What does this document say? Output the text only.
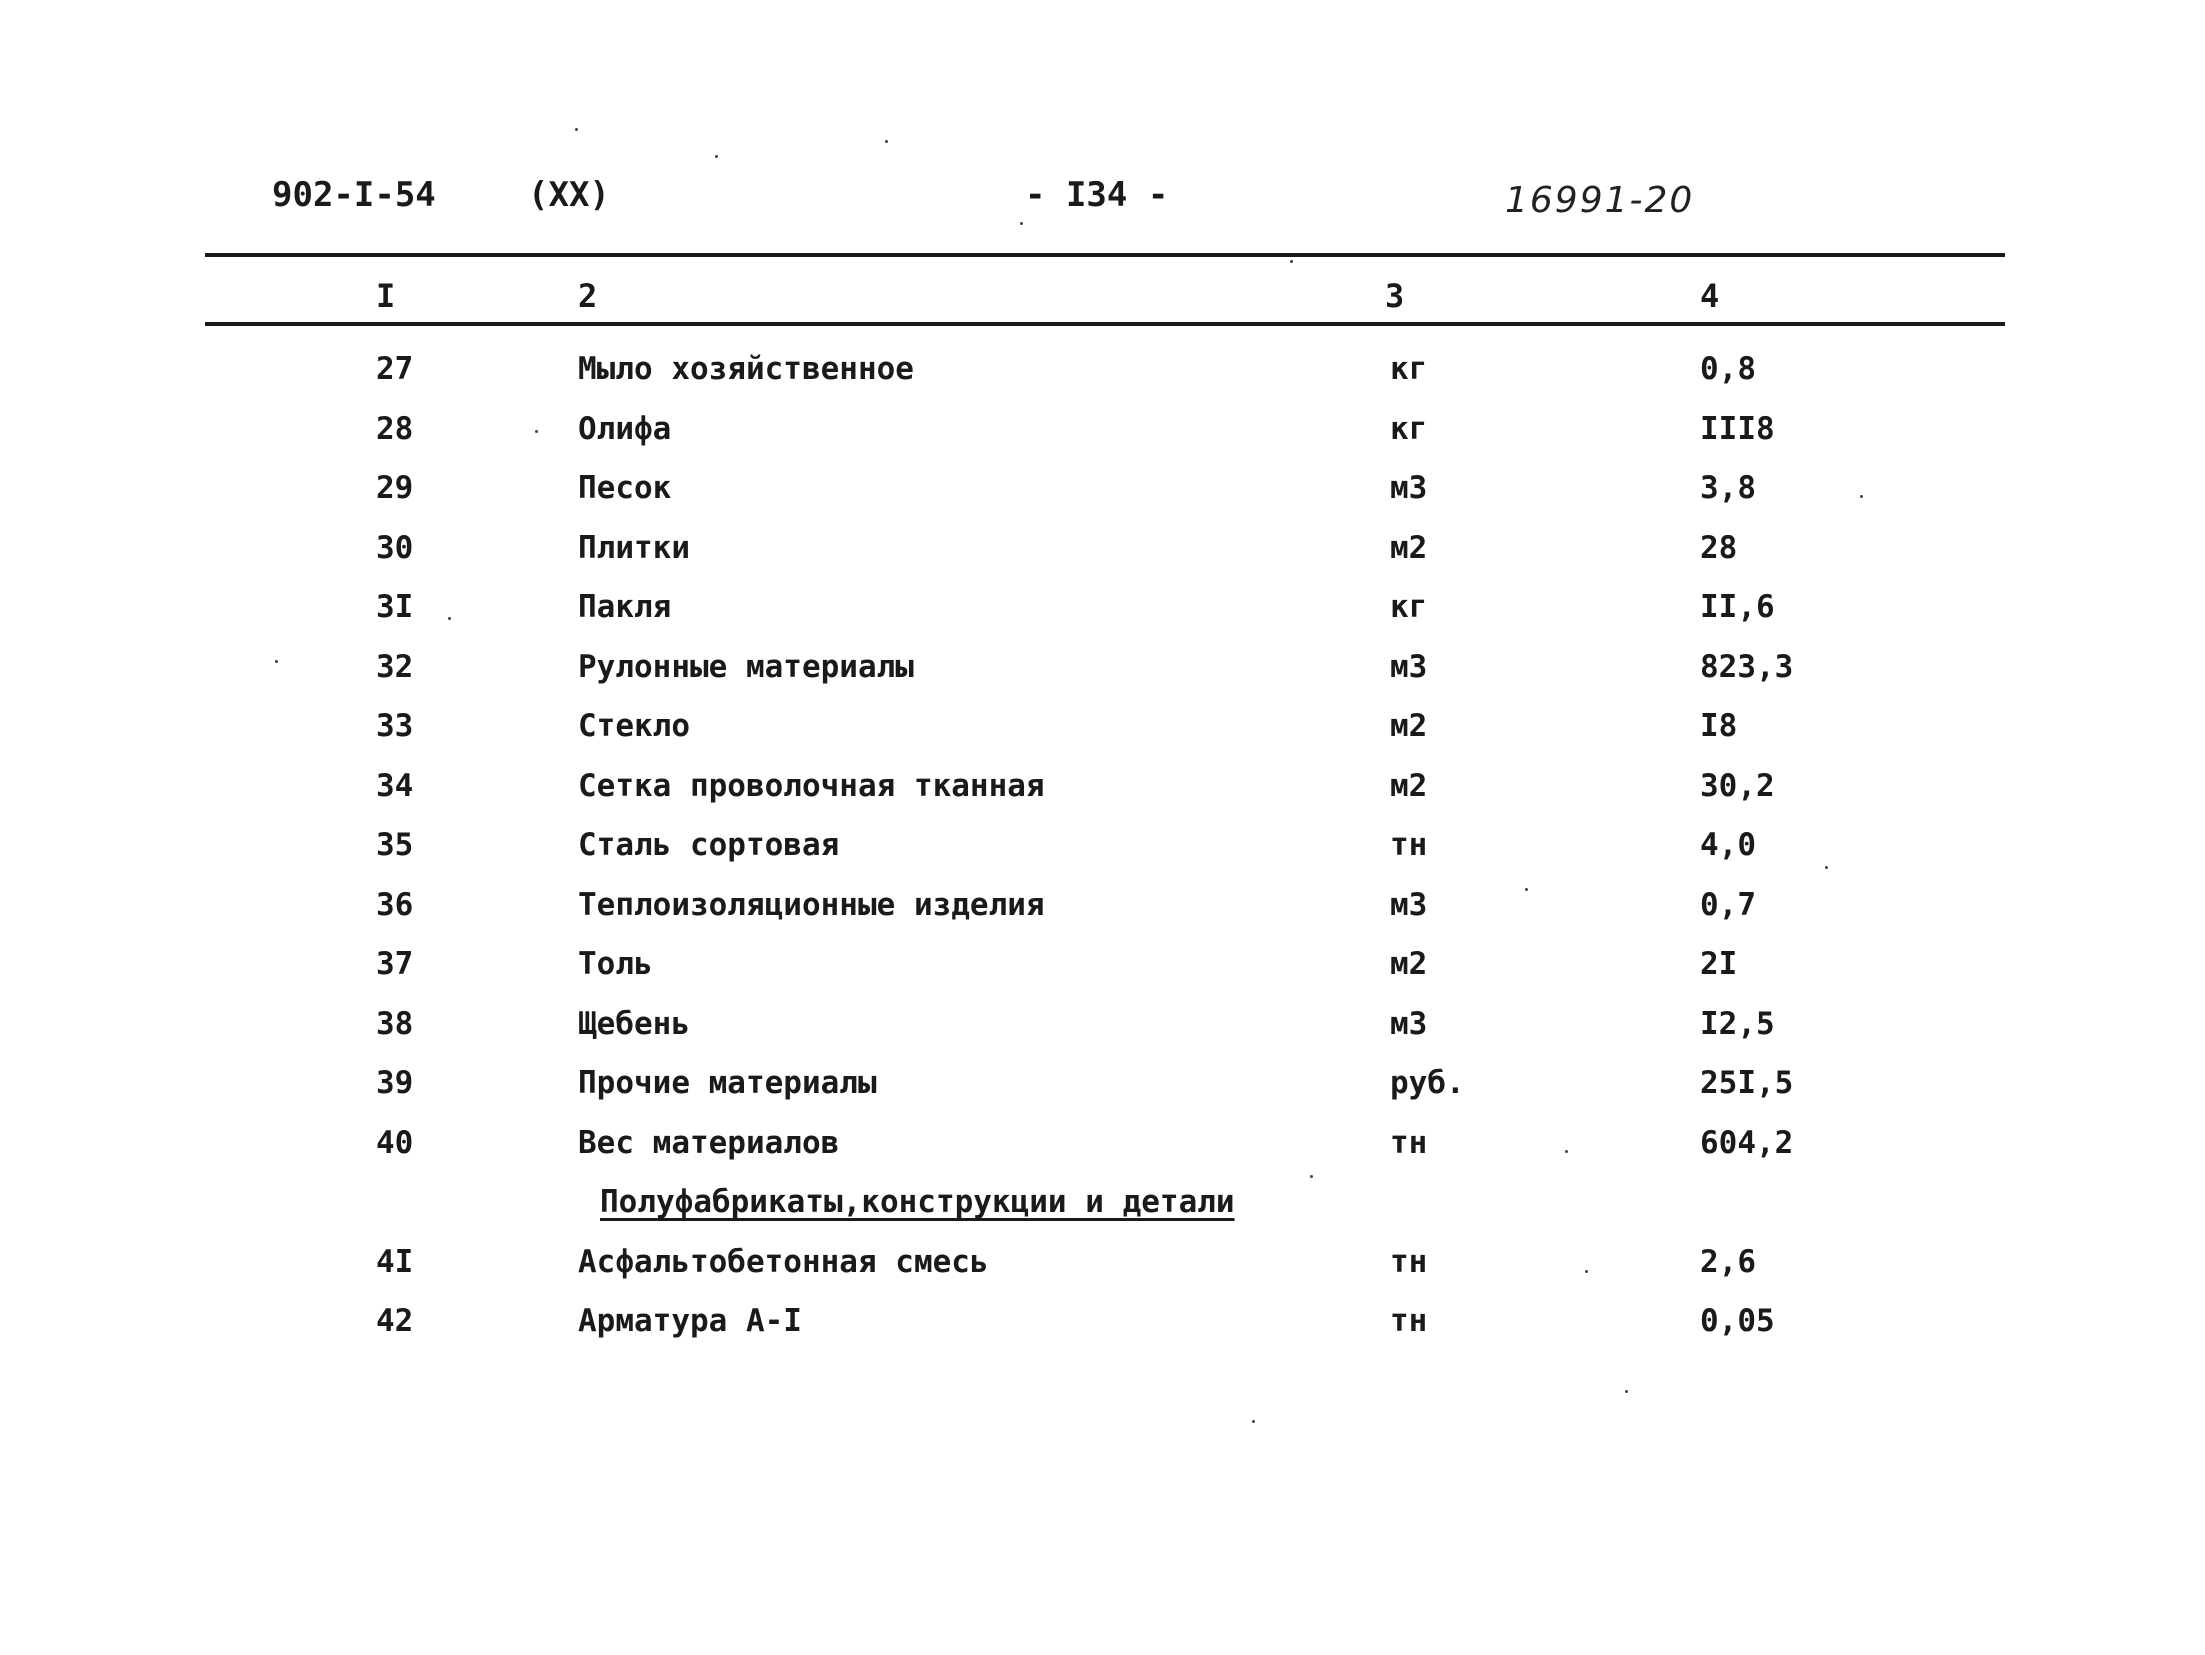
902-I-54	(XX)	- I34 -	16991-20
I	2	3	4
27	Мыло хозяйственное	кг	0,8
28	Олифа	кг	III8
29	Песок	м3	3,8
30	Плитки	м2	28
3I	Пакля	кг	II,6
32	Рулонные материалы	м3	823,3
33	Стекло	м2	I8
34	Сетка проволочная тканная	м2	30,2
35	Сталь сортовая	тн	4,0
36	Теплоизоляционные изделия	м3	0,7
37	Толь	м2	2I
38	Щебень	м3	I2,5
39	Прочие материалы	руб.	25I,5
40	Вес материалов	тн	604,2
Полуфабрикаты,конструкции и детали
4I	Асфальтобетонная смесь	тн	2,6
42	Арматура А-I	тн	0,05
